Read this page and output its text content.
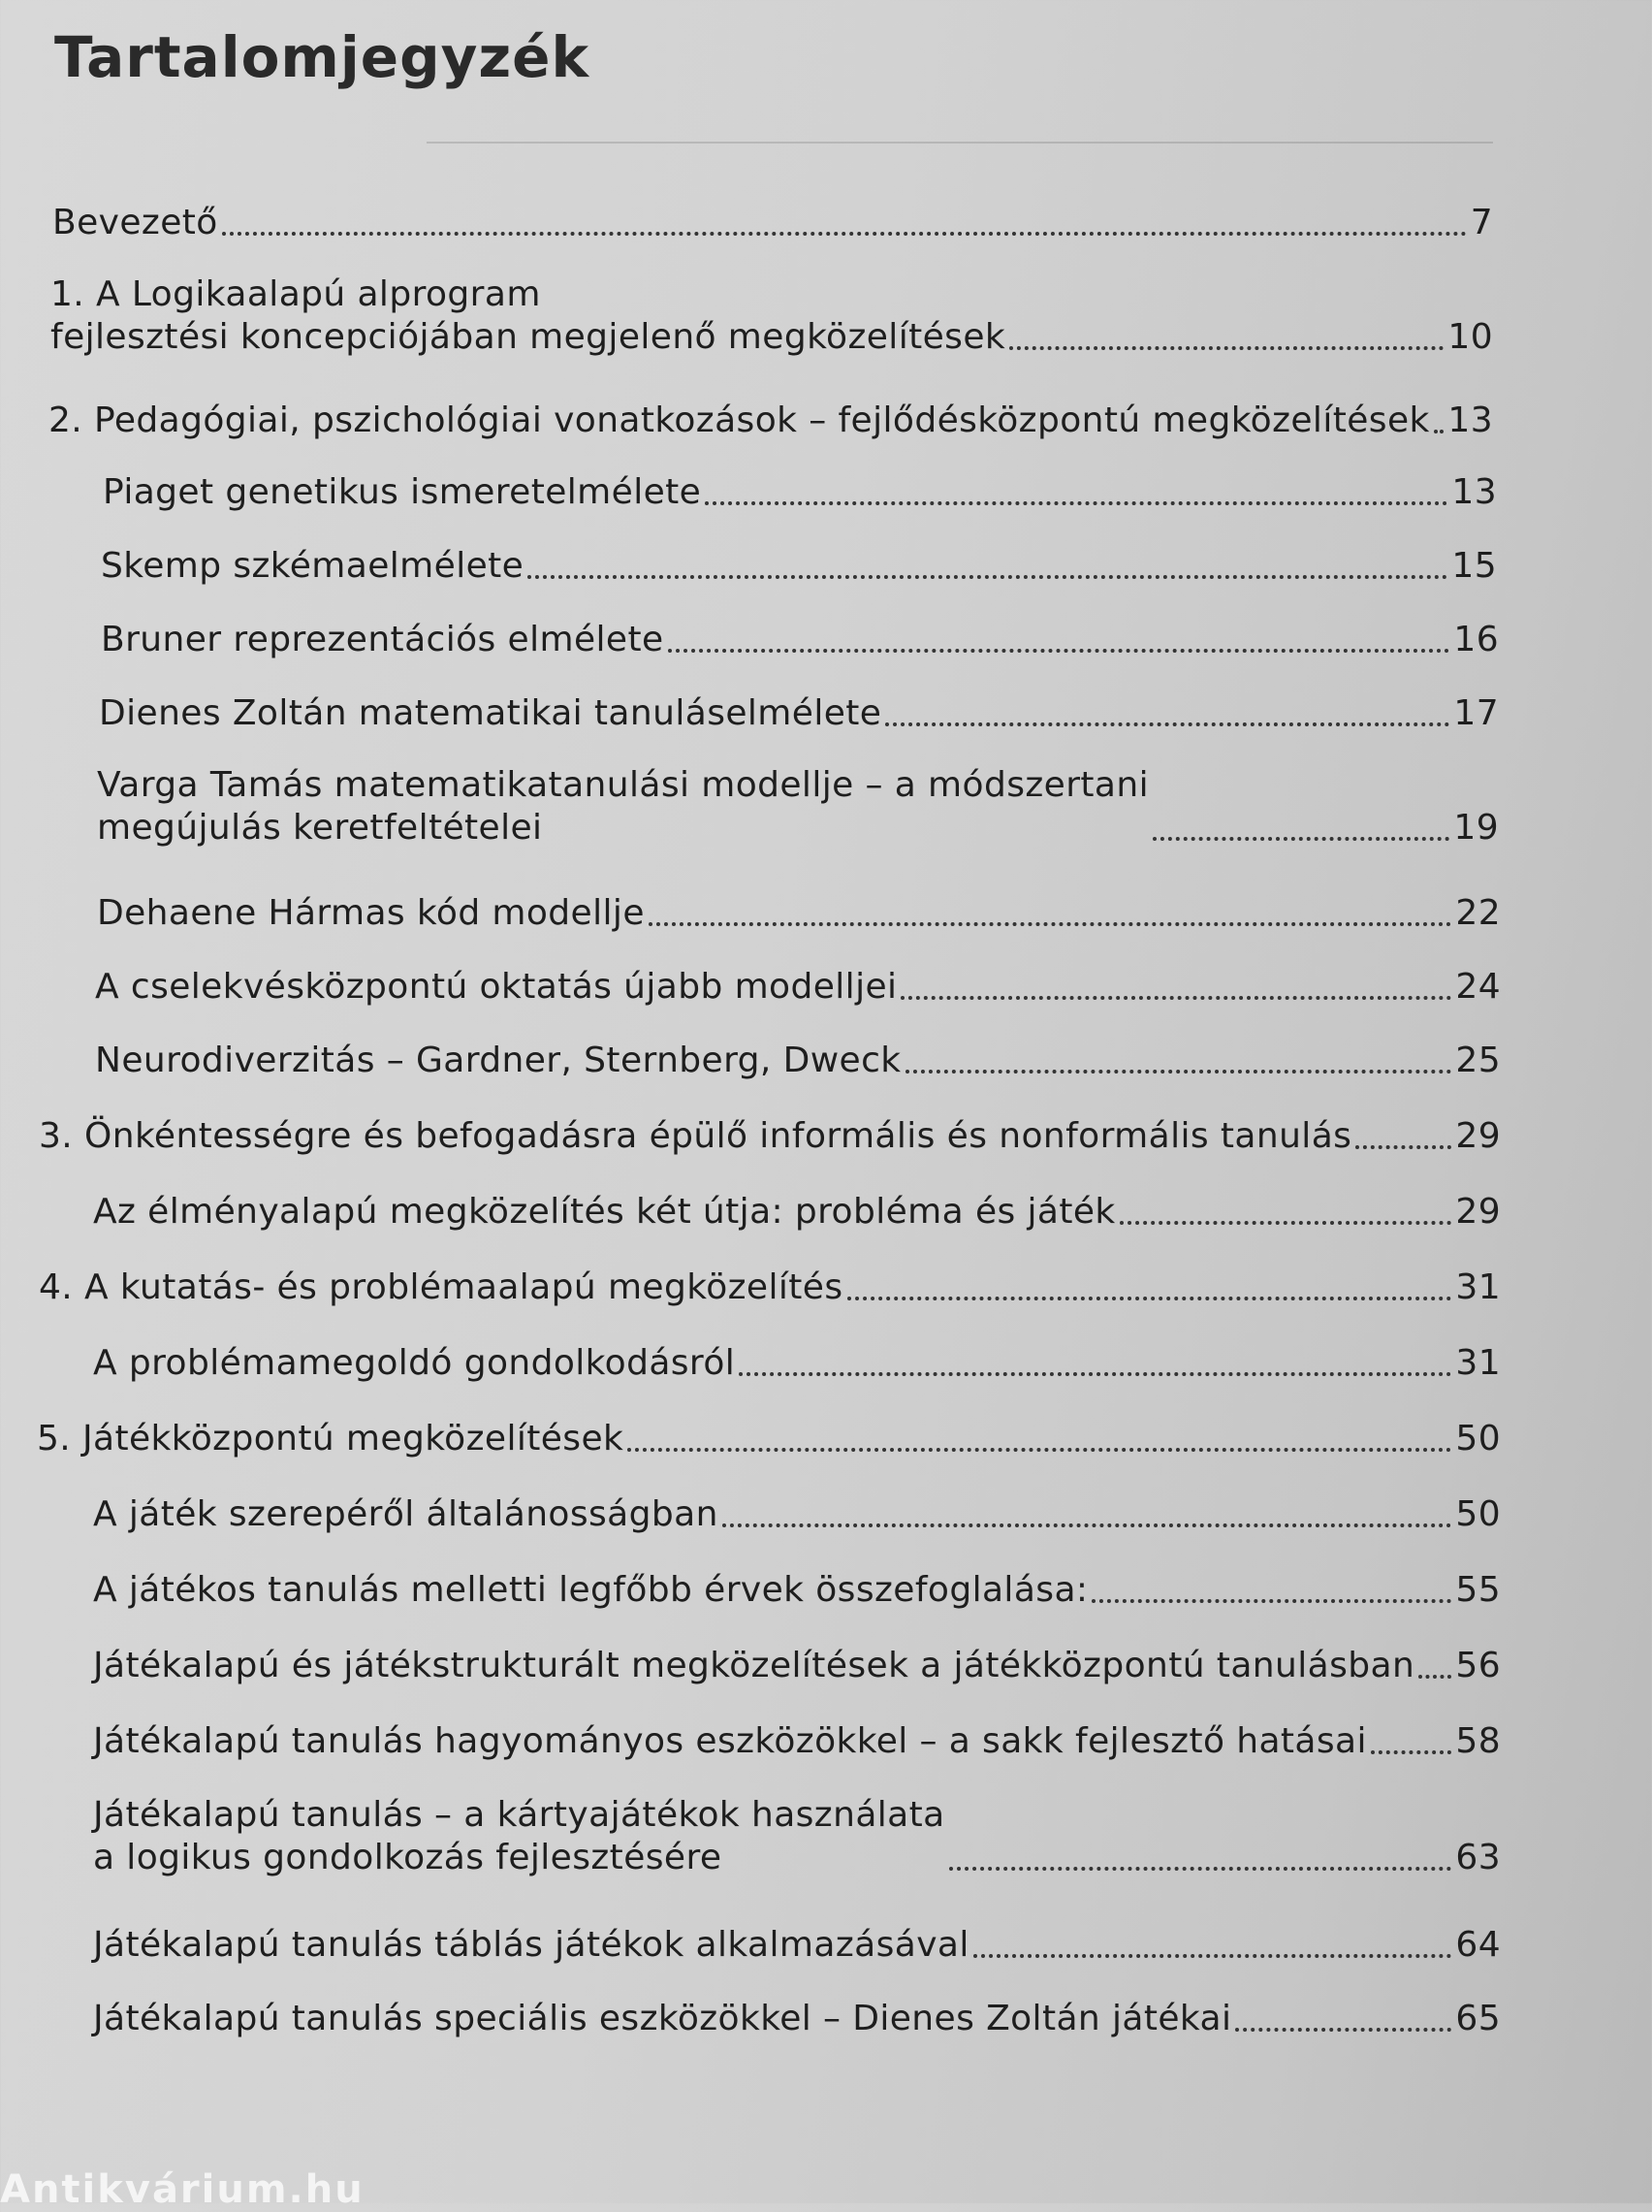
Tartalomjegyzék
Bevezető	7
1. A Logikaalapú alprogram
fejlesztési koncepciójában megjelenő megközelítések	10
2. Pedagógiai, pszichológiai vonatkozások – fejlődésközpontú megközelítések 13
Piaget genetikus ismeretelmélete	13
Skemp szkémaelmélete	15
Bruner reprezentációs elmélete	16
Dienes Zoltán matematikai tanuláselmélete	17
Varga Tamás matematikatanulási modellje – a módszertani
megújulás keretfeltételei	19
Dehaene Hármas kód modellje	22
A cselekvésközpontú oktatás újabb modelljei	24
Neurodiverzitás – Gardner, Sternberg, Dweck	25
3. Önkéntességre és befogadásra épülő informális és nonformális tanulás	29
Az élményalapú megközelítés két útja: probléma és játék	29
4. A kutatás- és problémaalapú megközelítés	31
A problémamegoldó gondolkodásról	31
5. Játékközpontú megközelítések	50
A játék szerepéről általánosságban	50
A játékos tanulás melletti legfőbb érvek összefoglalása:	55
Játékalapú és játékstrukturált megközelítések a játékközpontú tanulásban 56
Játékalapú tanulás hagyományos eszközökkel – a sakk fejlesztő hatásai	58
Játékalapú tanulás – a kártyajátékok használata
a logikus gondolkozás fejlesztésére	63
Játékalapú tanulás táblás játékok alkalmazásával	64
Játékalapú tanulás speciális eszközökkel – Dienes Zoltán játékai	65
Antikvárium.hu
